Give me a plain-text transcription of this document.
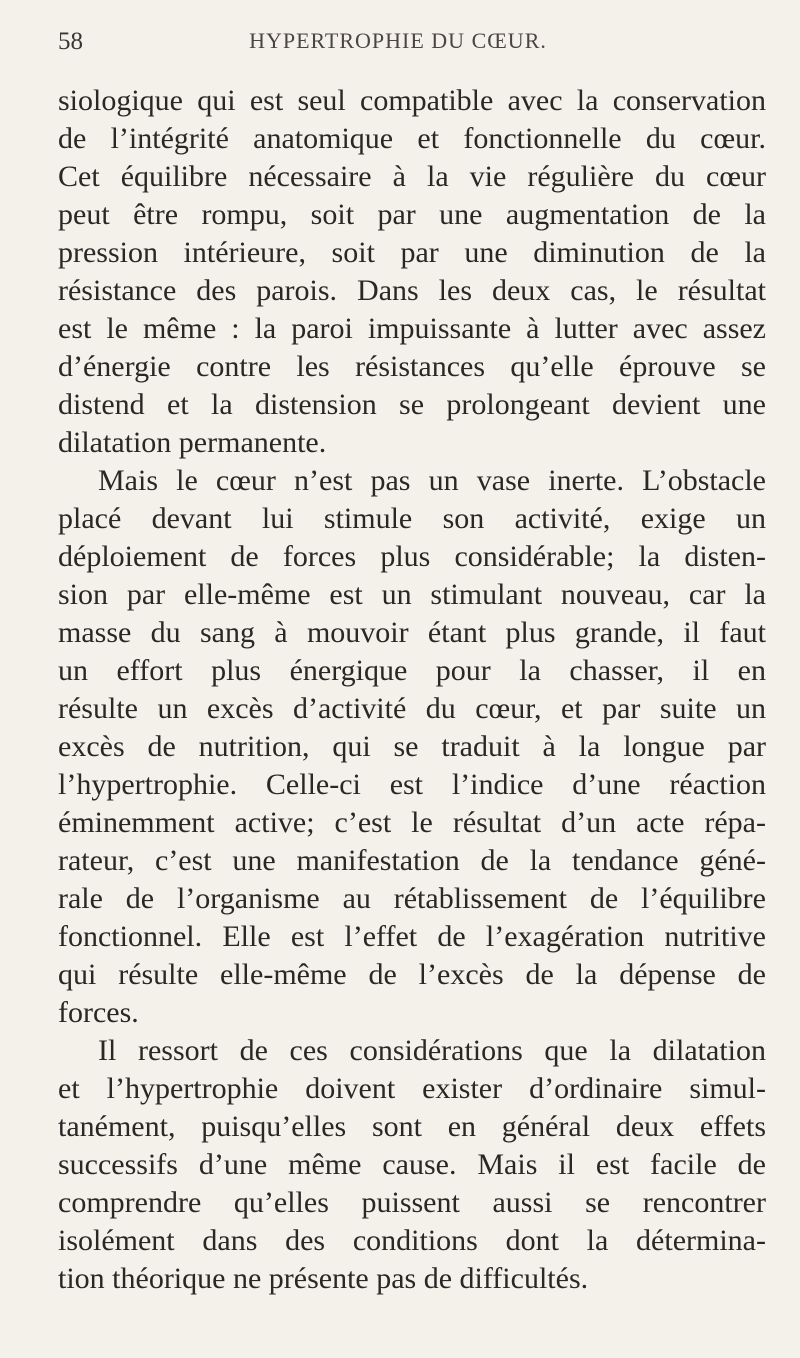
58	HYPERTROPHIE DU CŒUR.
siologique qui est seul compatible avec la conservation
de l’intégrité anatomique et fonctionnelle du cœur.
Cet équilibre nécessaire à la vie régulière du cœur
peut être rompu, soit par une augmentation de la
pression intérieure, soit par une diminution de la
résistance des parois. Dans les deux cas, le résultat
est le même : la paroi impuissante à lutter avec assez
d’énergie contre les résistances qu’elle éprouve se
distend et la distension se prolongeant devient une
dilatation permanente.
Mais le cœur n’est pas un vase inerte. L’obstacle
placé devant lui stimule son activité, exige un
déploiement de forces plus considérable; la disten-
sion par elle-même est un stimulant nouveau, car la
masse du sang à mouvoir étant plus grande, il faut
un effort plus énergique pour la chasser, il en
résulte un excès d’activité du cœur, et par suite un
excès de nutrition, qui se traduit à la longue par
l’hypertrophie. Celle-ci est l’indice d’une réaction
éminemment active; c’est le résultat d’un acte répa-
rateur, c’est une manifestation de la tendance géné-
rale de l’organisme au rétablissement de l’équilibre
fonctionnel. Elle est l’effet de l’exagération nutritive
qui résulte elle-même de l’excès de la dépense de
forces.
Il ressort de ces considérations que la dilatation
et l’hypertrophie doivent exister d’ordinaire simul-
tanément, puisqu’elles sont en général deux effets
successifs d’une même cause. Mais il est facile de
comprendre qu’elles puissent aussi se rencontrer
isolément dans des conditions dont la détermina-
tion théorique ne présente pas de difficultés.
